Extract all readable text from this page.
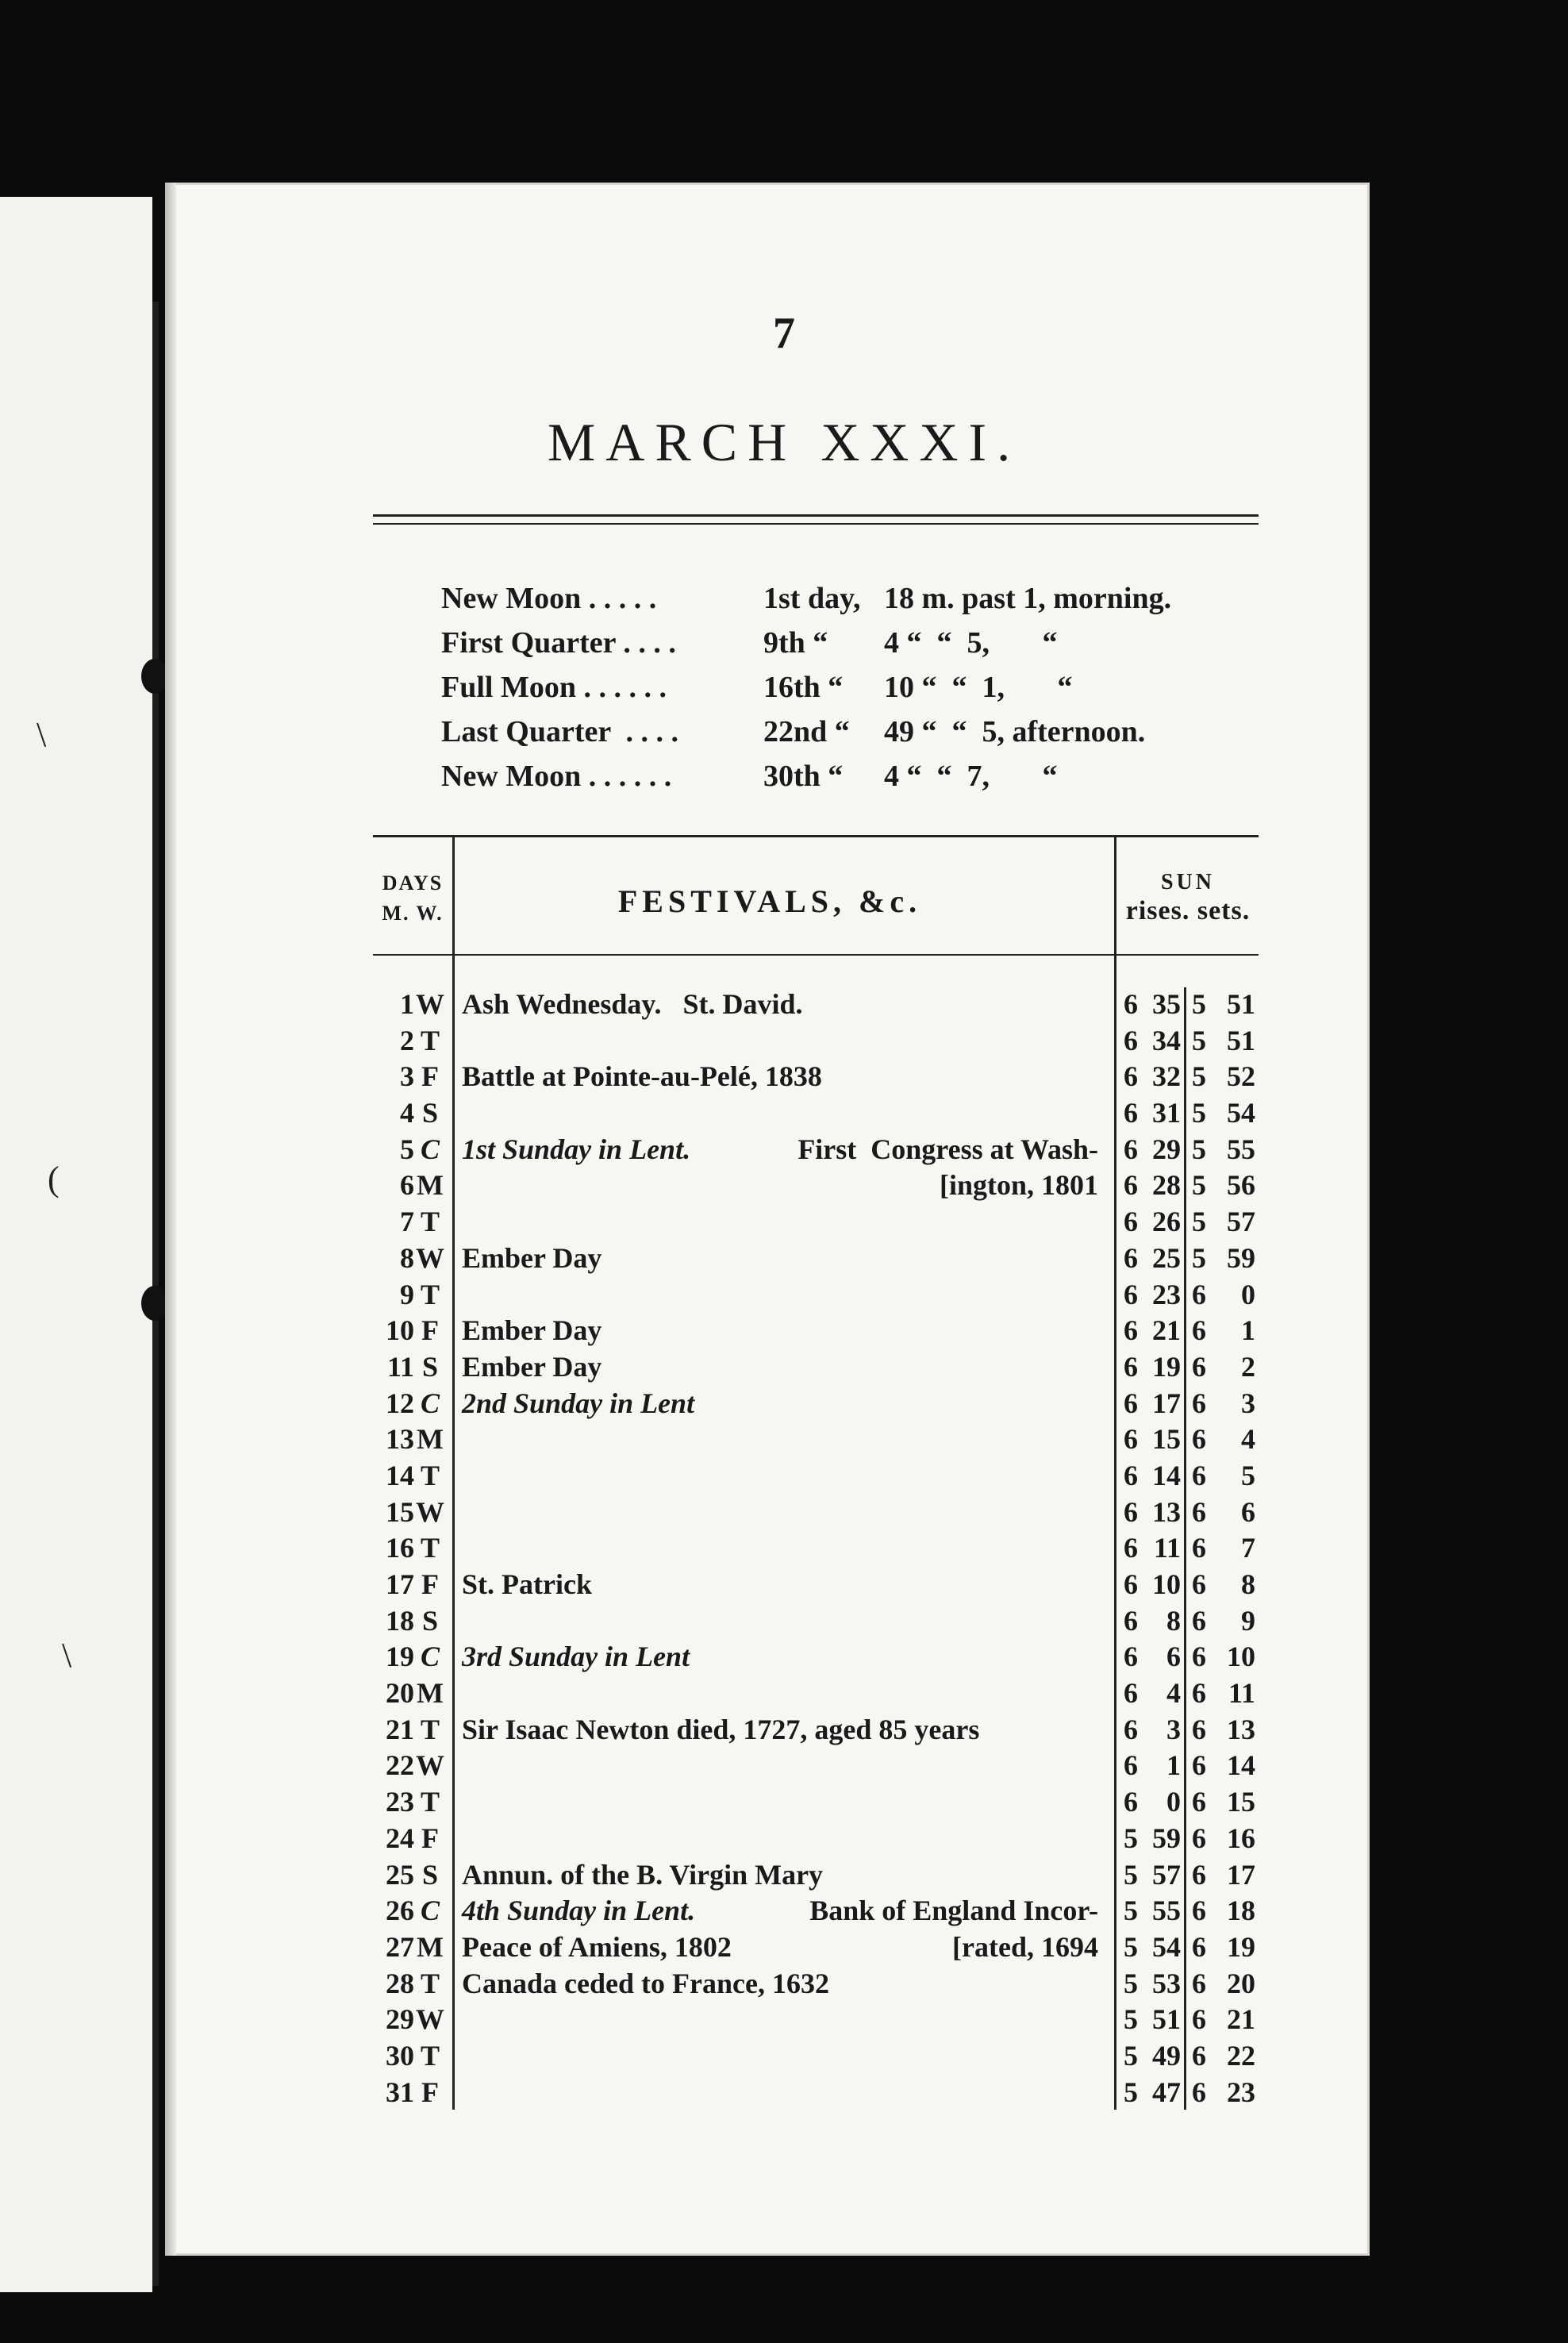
\
(
\
7
MARCH XXXI.
New Moon . . . . .	1st day, 18 m. past 1, morning.
First Quarter . . . .	9th “ 4 “  “  5,       “
Full Moon . . . . . .	16th “ 10 “  “  1,       “
Last Quarter  . . . .	22nd “ 49 “  “  5, afternoon.
New Moon . . . . . .	30th “ 4 “  “  7,       “
DAYS
M. W.	FESTIVALS, &c.
SUN
rises. sets.
1 W Ash Wednesday.   St. David.	6 35 5 51
2 T	6 34 5 51
3 F Battle at Pointe-au-Pelé, 1838	6 32 5 52
4 S	6 31 5 54
5 C 1st Sunday in Lent.	First  Congress at Wash- 6 29 5 55
6 M	[ington, 1801 6 28 5 56
7 T	6 26 5 57
8 W Ember Day	6 25 5 59
9 T	6 23 6	0
10 F Ember Day	6 21 6	1
11 S Ember Day	6 19 6	2
12 C 2nd Sunday in Lent	6 17 6	3
13 M	6 15 6	4
14 T	6 14 6	5
15 W	6 13 6	6
16 T	6 11 6	7
17 F St. Patrick	6 10 6	8
18 S	6	8 6	9
19 C 3rd Sunday in Lent	6	6 6 10
20 M	6	4 6 11
21 T Sir Isaac Newton died, 1727, aged 85 years	6	3 6 13
22 W	6	1 6 14
23 T	6	0 6 15
24 F	5 59 6 16
25 S Annun. of the B. Virgin Mary	5 57 6 17
26 C 4th Sunday in Lent.	Bank of England Incor- 5 55 6 18
27 M Peace of Amiens, 1802	[rated, 1694 5 54 6 19
28 T Canada ceded to France, 1632	5 53 6 20
29 W	5 51 6 21
30 T	5 49 6 22
31 F	5 47 6 23
